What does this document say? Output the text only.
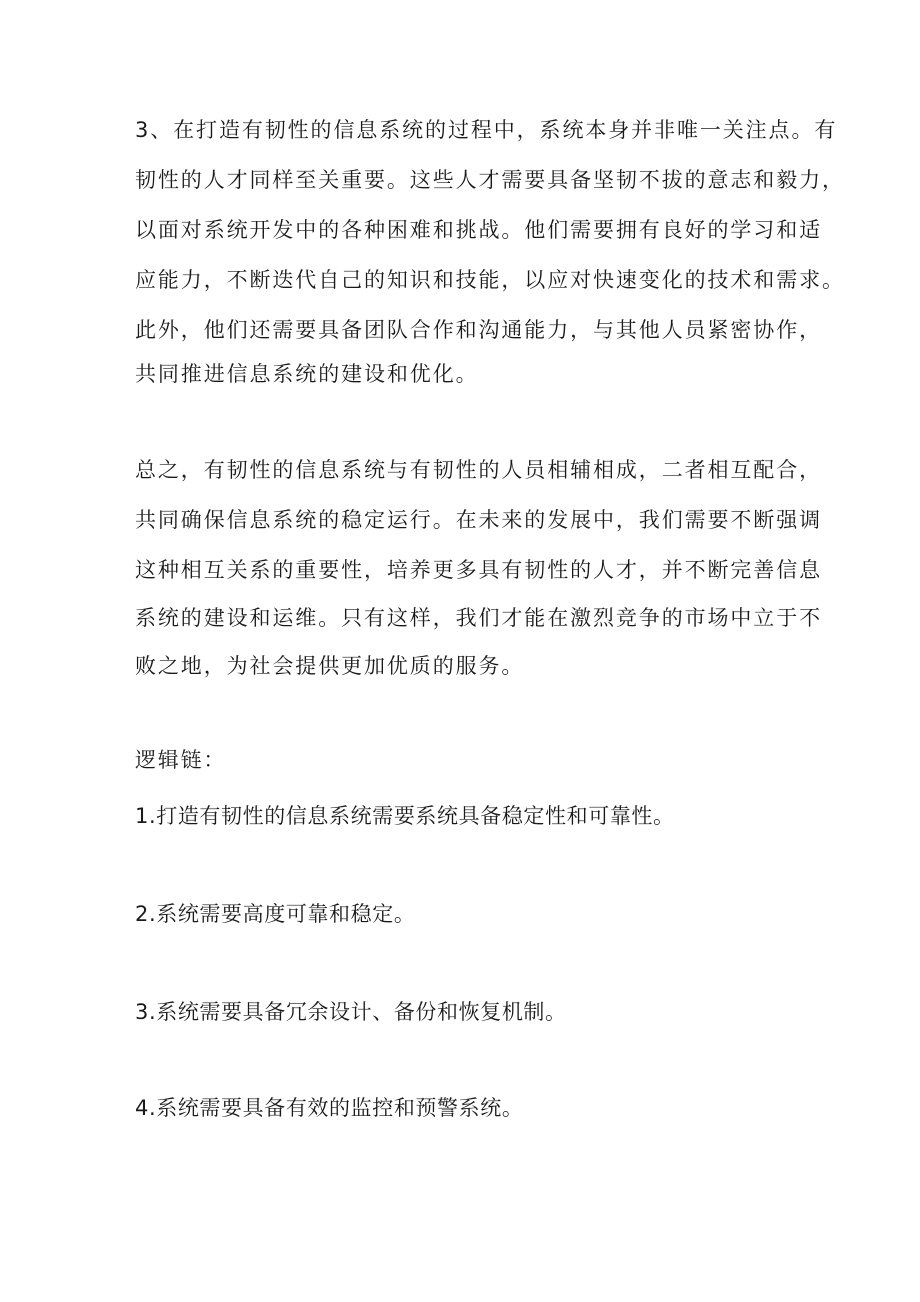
3、在打造有韧性的信息系统的过程中，系统本身并非唯一关注点。有
韧性的人才同样至关重要。这些人才需要具备坚韧不拔的意志和毅力，
以面对系统开发中的各种困难和挑战。他们需要拥有良好的学习和适
应能力，不断迭代自己的知识和技能，以应对快速变化的技术和需求。
此外，他们还需要具备团队合作和沟通能力，与其他人员紧密协作，
共同推进信息系统的建设和优化。
总之，有韧性的信息系统与有韧性的人员相辅相成，二者相互配合，
共同确保信息系统的稳定运行。在未来的发展中，我们需要不断强调
这种相互关系的重要性，培养更多具有韧性的人才，并不断完善信息
系统的建设和运维。只有这样，我们才能在激烈竞争的市场中立于不
败之地，为社会提供更加优质的服务。
逻辑链：
1.打造有韧性的信息系统需要系统具备稳定性和可靠性。
2.系统需要高度可靠和稳定。
3.系统需要具备冗余设计、备份和恢复机制。
4.系统需要具备有效的监控和预警系统。
